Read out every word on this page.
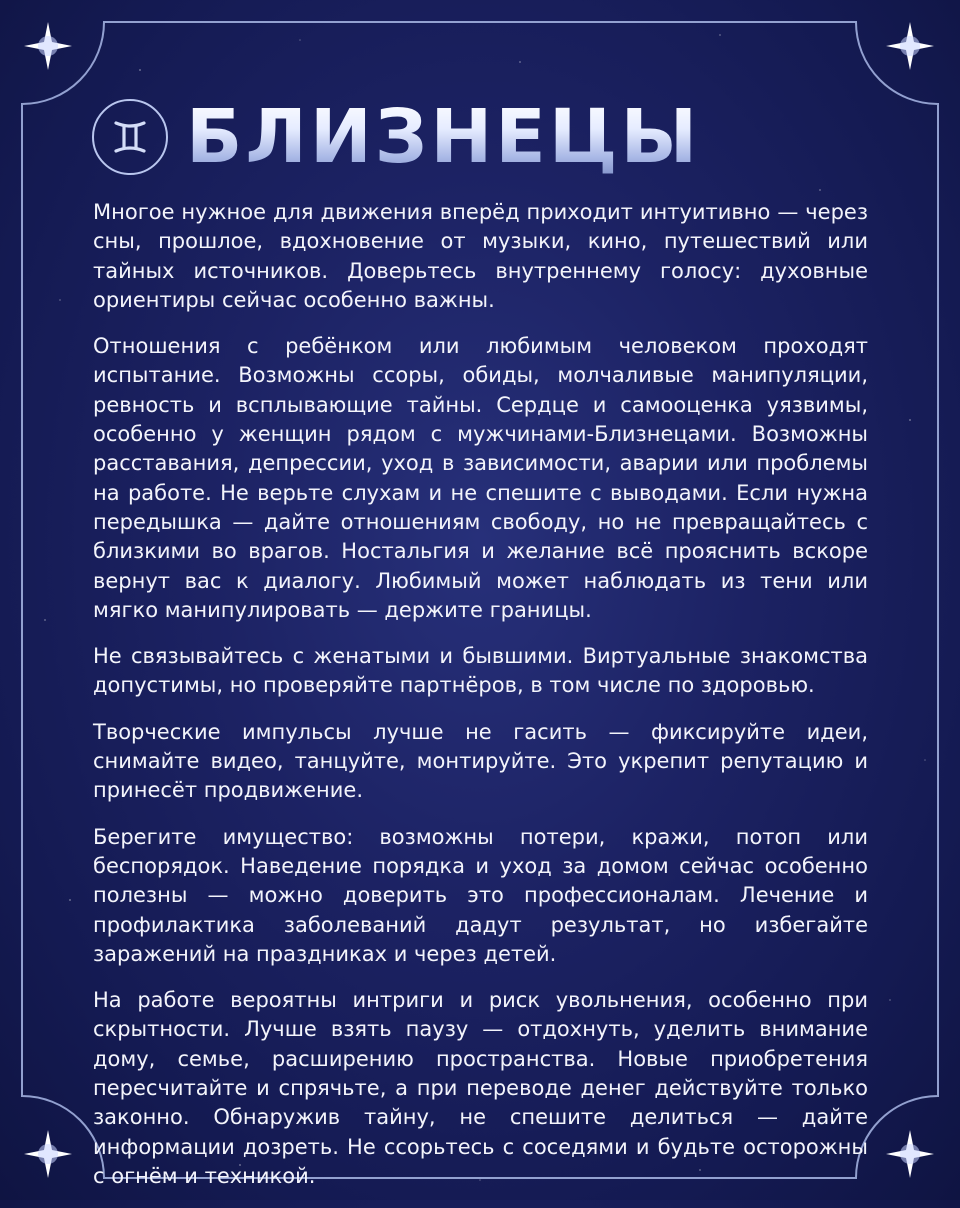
БЛИЗНЕЦЫ

Многое нужное для движения вперёд приходит интуитивно — через сны, прошлое, вдохновение от музыки, кино, путешествий или тайных источников. Доверьтесь внутреннему голосу: духовные ориентиры сейчас особенно важны.

Отношения с ребёнком или любимым человеком проходят испытание. Возможны ссоры, обиды, молчаливые манипуляции, ревность и всплывающие тайны. Сердце и самооценка уязвимы, особенно у женщин рядом с мужчинами-Близнецами. Возможны расставания, депрессии, уход в зависимости, аварии или проблемы на работе. Не верьте слухам и не спешите с выводами. Если нужна передышка — дайте отношениям свободу, но не превращайтесь с близкими во врагов. Ностальгия и желание всё прояснить вскоре вернут вас к диалогу. Любимый может наблюдать из тени или мягко манипулировать — держите границы.

Не связывайтесь с женатыми и бывшими. Виртуальные знакомства допустимы, но проверяйте партнёров, в том числе по здоровью.

Творческие импульсы лучше не гасить — фиксируйте идеи, снимайте видео, танцуйте, монтируйте. Это укрепит репутацию и принесёт продвижение.

Берегите имущество: возможны потери, кражи, потоп или беспорядок. Наведение порядка и уход за домом сейчас особенно полезны — можно доверить это профессионалам. Лечение и профилактика заболеваний дадут результат, но избегайте заражений на праздниках и через детей.

На работе вероятны интриги и риск увольнения, особенно при скрытности. Лучше взять паузу — отдохнуть, уделить внимание дому, семье, расширению пространства. Новые приобретения пересчитайте и спрячьте, а при переводе денег действуйте только законно. Обнаружив тайну, не спешите делиться — дайте информации дозреть. Не ссорьтесь с соседями и будьте осторожны с огнём и техникой.
